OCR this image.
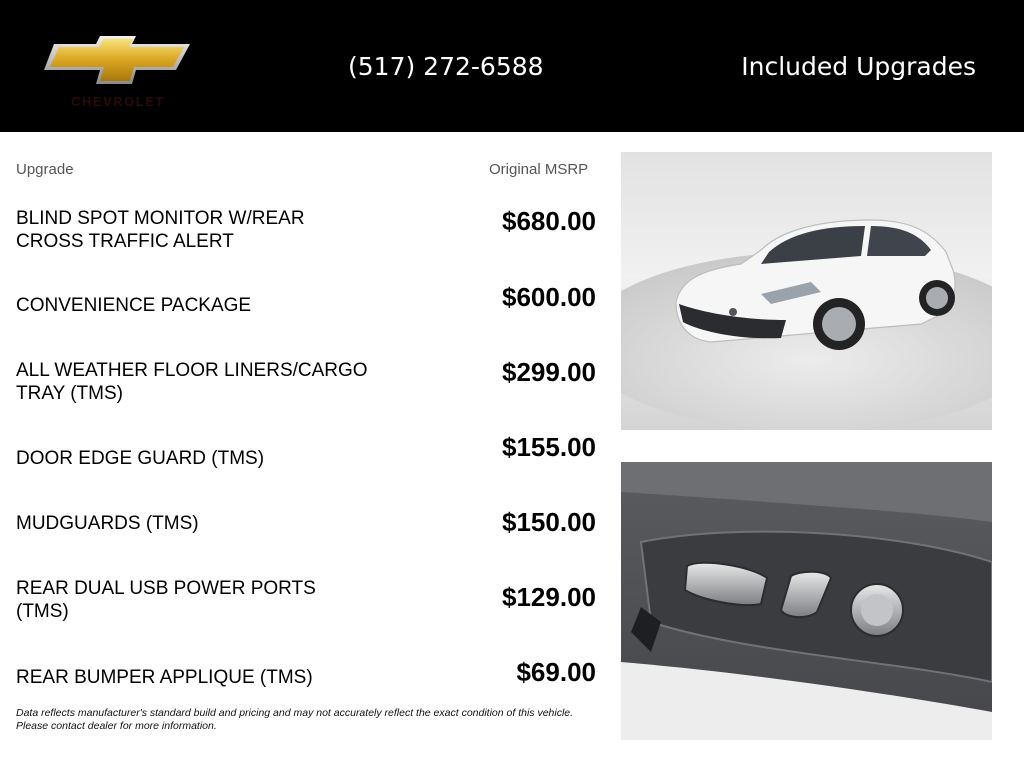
CHEVROLET
(517) 272-6588	Included Upgrades
Upgrade	Original MSRP
BLIND SPOT MONITOR W/REAR
CROSS TRAFFIC ALERT
$680.00
CONVENIENCE PACKAGE	$600.00
ALL WEATHER FLOOR LINERS/CARGO
TRAY (TMS)
$299.00
DOOR EDGE GUARD (TMS)	$155.00
MUDGUARDS (TMS)	$150.00
REAR DUAL USB POWER PORTS
(TMS)	$129.00
REAR BUMPER APPLIQUE (TMS)	$69.00
Data reflects manufacturer's standard build and pricing and may not accurately reflect the exact condition of this vehicle.
Please contact dealer for more information.
